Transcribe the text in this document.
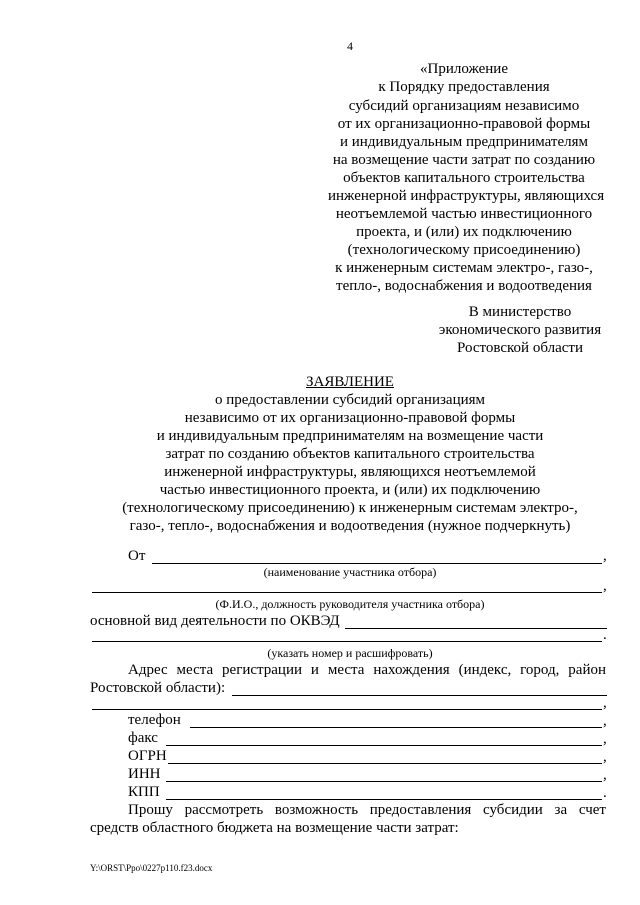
4
«Приложение
к Порядку предоставления
субсидий организациям независимо
от их организационно-правовой формы
и индивидуальным предпринимателям
на возмещение части затрат по созданию
объектов капитального строительства
инженерной инфраструктуры, являющихся
неотъемлемой частью инвестиционного
проекта, и (или) их подключению
(технологическому присоединению)
к инженерным системам электро-, газо-,
тепло-, водоснабжения и водоотведения
В министерство
экономического развития
Ростовской области
ЗАЯВЛЕНИЕ
о предоставлении субсидий организациям
независимо от их организационно-правовой формы
и индивидуальным предпринимателям на возмещение части
затрат по созданию объектов капитального строительства
инженерной инфраструктуры, являющихся неотъемлемой
частью инвестиционного проекта, и (или) их подключению
(технологическому присоединению) к инженерным системам электро-,
газо-, тепло-, водоснабжения и водоотведения (нужное подчеркнуть)
От	,
(наименование участника отбора)
,
(Ф.И.О., должность руководителя участника отбора)
основной вид деятельности по ОКВЭД
.
(указать номер и расшифровать)
Адрес места регистрации и места нахождения (индекс, город, район
Ростовской области):
,
телефон	,
факс	,
ОГРН	,
ИНН	,
КПП	.
Прошу рассмотреть возможность предоставления субсидии за счет
средств областного бюджета на возмещение части затрат:
Y:\ORST\Ppo\0227p110.f23.docx
